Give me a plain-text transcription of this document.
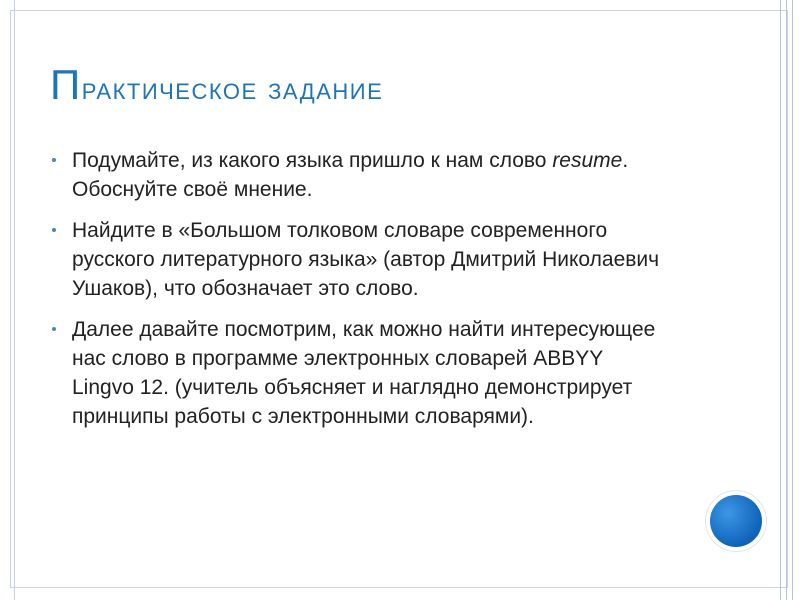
Практическое задание
Подумайте, из какого языка пришло к нам слово resume. Обоснуйте своё мнение.
Найдите в «Большом толковом словаре современного русского литературного языка» (автор Дмитрий Николаевич Ушаков), что обозначает это слово.
Далее давайте посмотрим, как можно найти интересующее нас слово в программе электронных словарей ABBYY Lingvo 12. (учитель объясняет и наглядно демонстрирует принципы работы с электронными словарями).
